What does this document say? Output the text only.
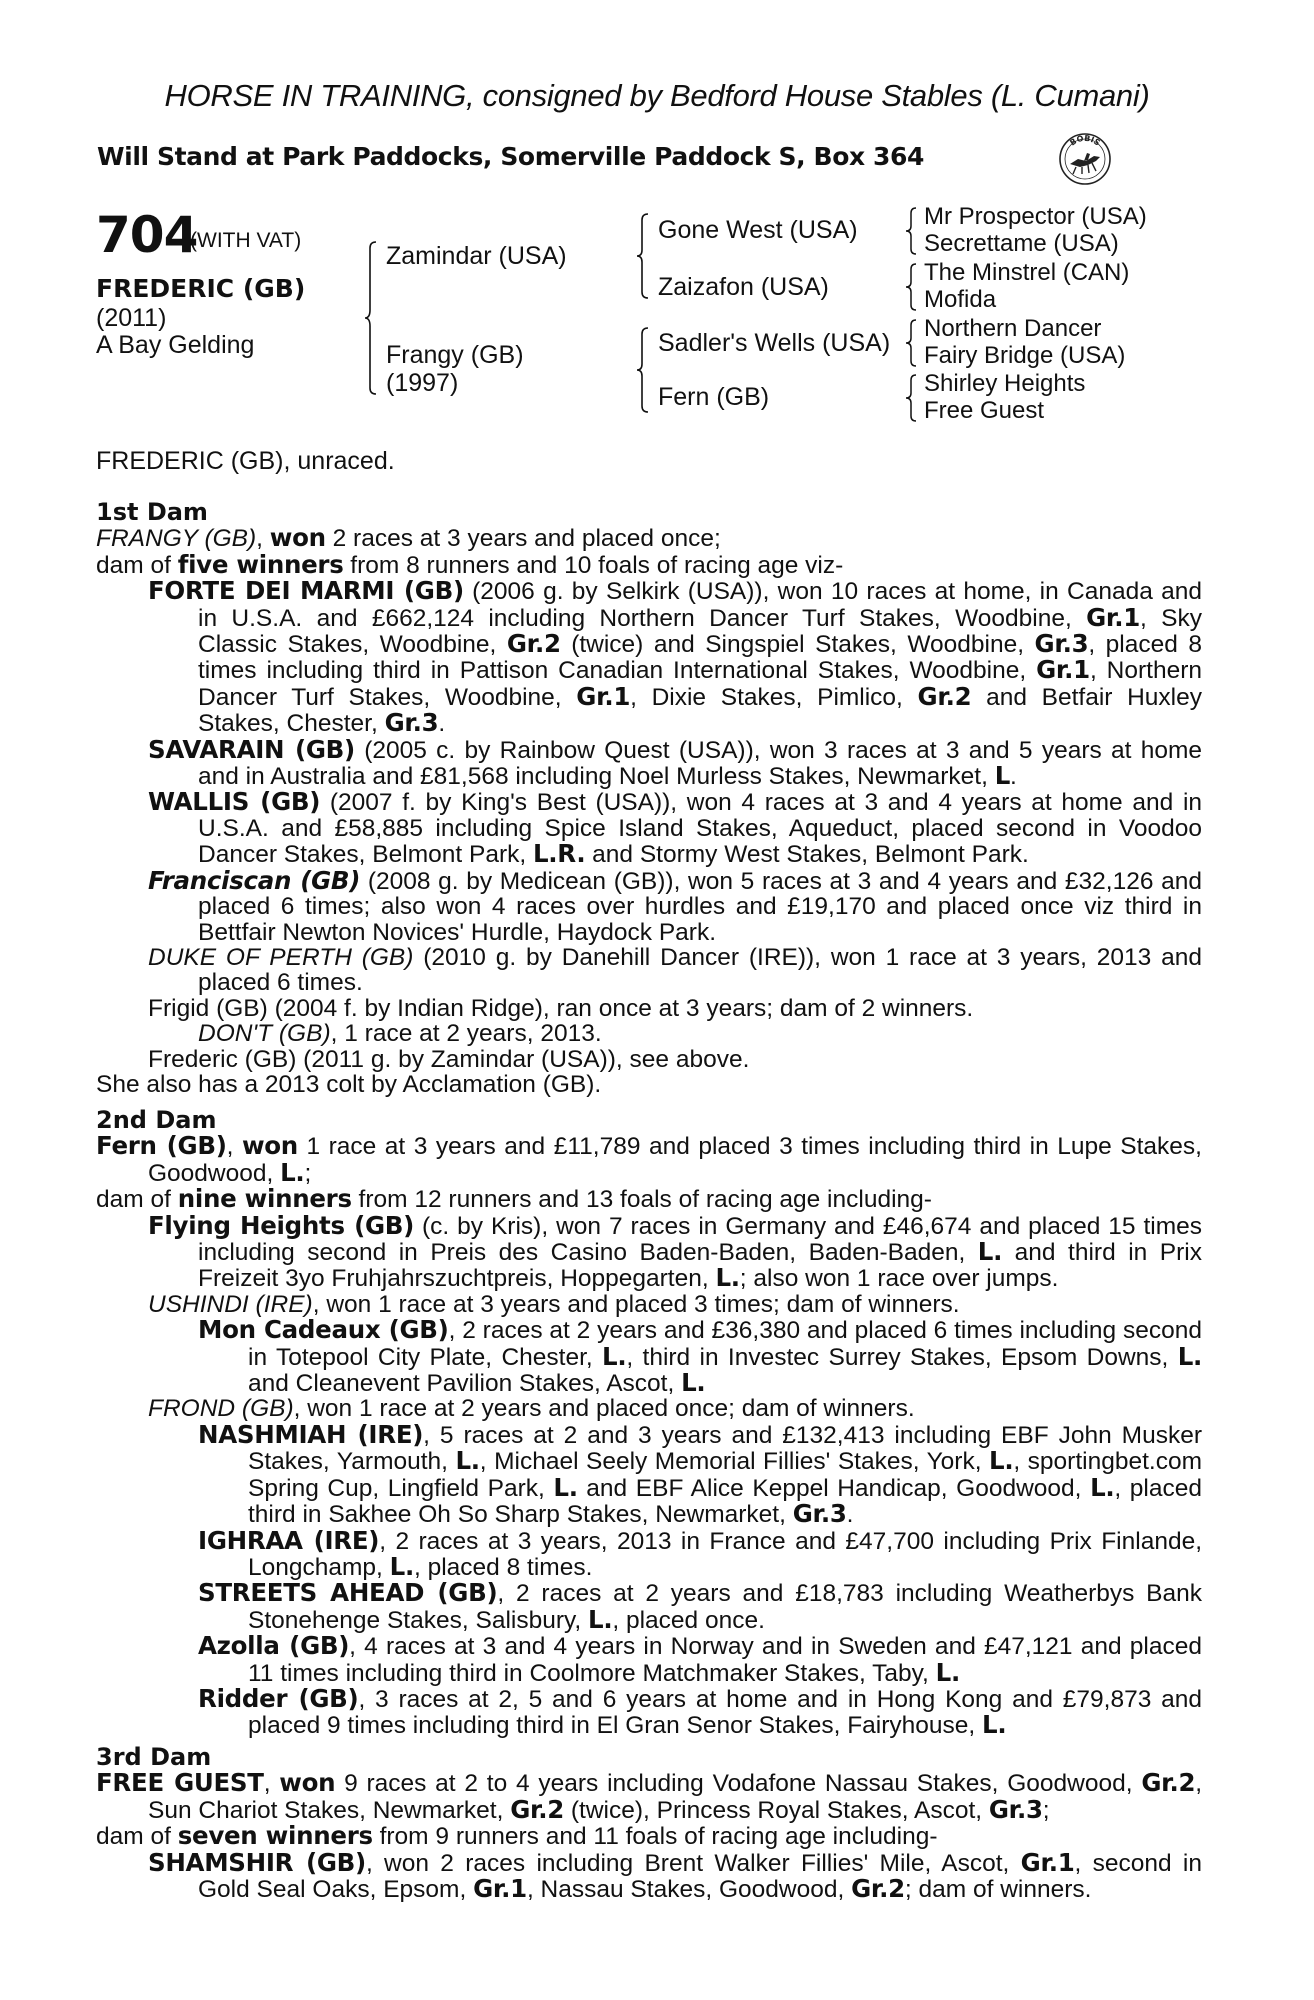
HORSE IN TRAINING, consigned by Bedford House Stables (L. Cumani)
Will Stand at Park Paddocks, Somerville Paddock S, Box 364	BOBIS
704
(WITH VAT)
FREDERIC (GB)
(2011)
A Bay Gelding
Zamindar (USA)
Frangy (GB)
(1997)
Gone West (USA)
Zaizafon (USA)
Sadler's Wells (USA)
Fern (GB)
Mr Prospector (USA)
Secrettame (USA)
The Minstrel (CAN)
Mofida
Northern Dancer
Fairy Bridge (USA)
Shirley Heights
Free Guest
FREDERIC (GB), unraced.
1st Dam
FRANGY (GB), won 2 races at 3 years and placed once;
dam of five winners from 8 runners and 10 foals of racing age viz-
FORTE DEI MARMI (GB) (2006 g. by Selkirk (USA)), won 10 races at home, in Canada and in U.S.A. and £662,124 including Northern Dancer Turf Stakes, Woodbine, Gr.1, Sky Classic Stakes, Woodbine, Gr.2 (twice) and Singspiel Stakes, Woodbine, Gr.3, placed 8 times including third in Pattison Canadian International Stakes, Woodbine, Gr.1, Northern Dancer Turf Stakes, Woodbine, Gr.1, Dixie Stakes, Pimlico, Gr.2 and Betfair Huxley Stakes, Chester, Gr.3.
SAVARAIN (GB) (2005 c. by Rainbow Quest (USA)), won 3 races at 3 and 5 years at home and in Australia and £81,568 including Noel Murless Stakes, Newmarket, L.
WALLIS (GB) (2007 f. by King's Best (USA)), won 4 races at 3 and 4 years at home and in U.S.A. and £58,885 including Spice Island Stakes, Aqueduct, placed second in Voodoo Dancer Stakes, Belmont Park, L.R. and Stormy West Stakes, Belmont Park.
Franciscan (GB) (2008 g. by Medicean (GB)), won 5 races at 3 and 4 years and £32,126 and placed 6 times; also won 4 races over hurdles and £19,170 and placed once viz third in Bettfair Newton Novices' Hurdle, Haydock Park.
DUKE OF PERTH (GB) (2010 g. by Danehill Dancer (IRE)), won 1 race at 3 years, 2013 and placed 6 times.
Frigid (GB) (2004 f. by Indian Ridge), ran once at 3 years; dam of 2 winners.
DON'T (GB), 1 race at 2 years, 2013.
Frederic (GB) (2011 g. by Zamindar (USA)), see above.
She also has a 2013 colt by Acclamation (GB).
2nd Dam
Fern (GB), won 1 race at 3 years and £11,789 and placed 3 times including third in Lupe Stakes, Goodwood, L.;
dam of nine winners from 12 runners and 13 foals of racing age including-
Flying Heights (GB) (c. by Kris), won 7 races in Germany and £46,674 and placed 15 times including second in Preis des Casino Baden-Baden, Baden-Baden, L. and third in Prix Freizeit 3yo Fruhjahrszuchtpreis, Hoppegarten, L.; also won 1 race over jumps.
USHINDI (IRE), won 1 race at 3 years and placed 3 times; dam of winners.
Mon Cadeaux (GB), 2 races at 2 years and £36,380 and placed 6 times including second in Totepool City Plate, Chester, L., third in Investec Surrey Stakes, Epsom Downs, L. and Cleanevent Pavilion Stakes, Ascot, L.
FROND (GB), won 1 race at 2 years and placed once; dam of winners.
NASHMIAH (IRE), 5 races at 2 and 3 years and £132,413 including EBF John Musker Stakes, Yarmouth, L., Michael Seely Memorial Fillies' Stakes, York, L., sportingbet.com Spring Cup, Lingfield Park, L. and EBF Alice Keppel Handicap, Goodwood, L., placed third in Sakhee Oh So Sharp Stakes, Newmarket, Gr.3.
IGHRAA (IRE), 2 races at 3 years, 2013 in France and £47,700 including Prix Finlande, Longchamp, L., placed 8 times.
STREETS AHEAD (GB), 2 races at 2 years and £18,783 including Weatherbys Bank Stonehenge Stakes, Salisbury, L., placed once.
Azolla (GB), 4 races at 3 and 4 years in Norway and in Sweden and £47,121 and placed 11 times including third in Coolmore Matchmaker Stakes, Taby, L.
Ridder (GB), 3 races at 2, 5 and 6 years at home and in Hong Kong and £79,873 and placed 9 times including third in El Gran Senor Stakes, Fairyhouse, L.
3rd Dam
FREE GUEST, won 9 races at 2 to 4 years including Vodafone Nassau Stakes, Goodwood, Gr.2, Sun Chariot Stakes, Newmarket, Gr.2 (twice), Princess Royal Stakes, Ascot, Gr.3;
dam of seven winners from 9 runners and 11 foals of racing age including-
SHAMSHIR (GB), won 2 races including Brent Walker Fillies' Mile, Ascot, Gr.1, second in Gold Seal Oaks, Epsom, Gr.1, Nassau Stakes, Goodwood, Gr.2; dam of winners.
